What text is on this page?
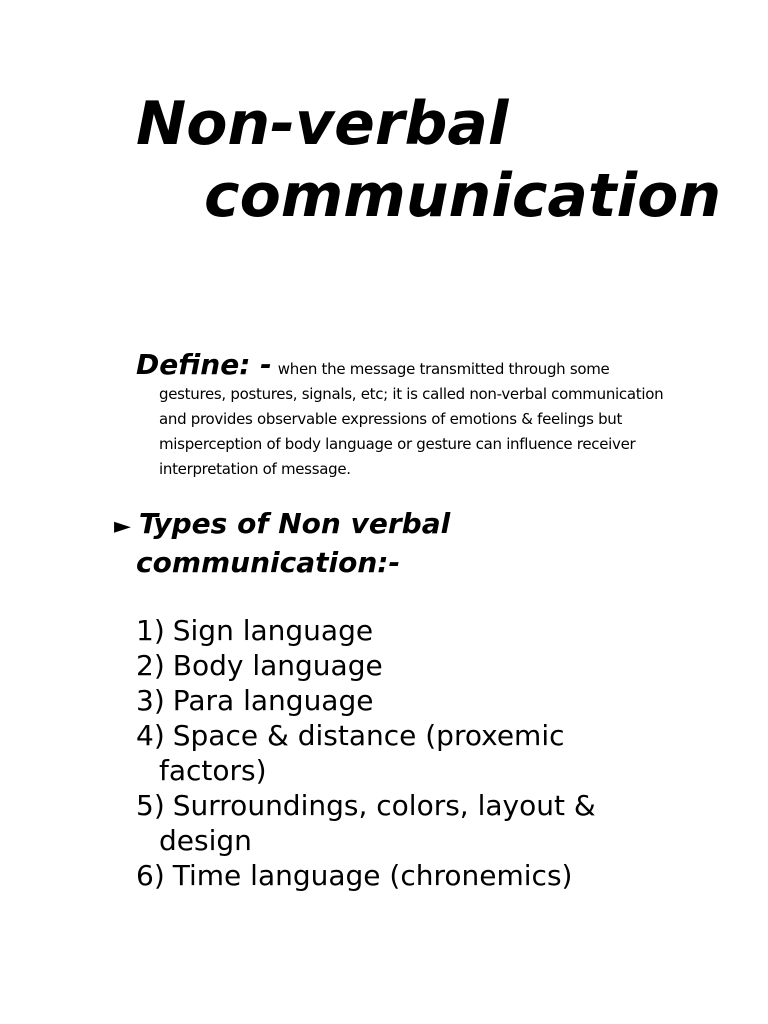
Non-verbal communication
Define: - when the message transmitted through some gestures, postures, signals, etc; it is called non-verbal communication and provides observable expressions of emotions & feelings but misperception of body language or gesture can influence receiver interpretation of message.
► Types of Non verbal communication:-
1) Sign language
2) Body language
3) Para language
4) Space & distance (proxemic factors)
5) Surroundings, colors, layout & design
6) Time language (chronemics)
